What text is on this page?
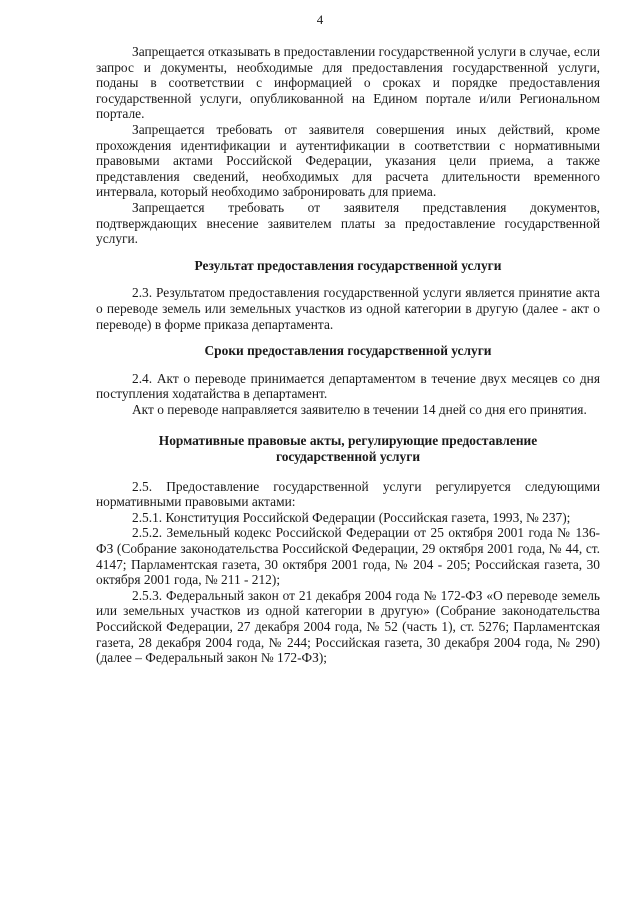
4

Запрещается отказывать в предоставлении государственной услуги в случае, если запрос и документы, необходимые для предоставления государственной услуги, поданы в соответствии с информацией о сроках и порядке предоставления государственной услуги, опубликованной на Едином портале и/или Региональном портале.

Запрещается требовать от заявителя совершения иных действий, кроме прохождения идентификации и аутентификации в соответствии с нормативными правовыми актами Российской Федерации, указания цели приема, а также представления сведений, необходимых для расчета длительности временного интервала, который необходимо забронировать для приема.

Запрещается требовать от заявителя представления документов, подтверждающих внесение заявителем платы за предоставление государственной услуги.

Результат предоставления государственной услуги

2.3. Результатом предоставления государственной услуги является принятие акта о переводе земель или земельных участков из одной категории в другую (далее - акт о переводе) в форме приказа департамента.

Сроки предоставления государственной услуги

2.4. Акт о переводе принимается департаментом в течение двух месяцев со дня поступления ходатайства в департамент.

Акт о переводе направляется заявителю в течении 14 дней со дня его принятия.

Нормативные правовые акты, регулирующие предоставление государственной услуги

2.5. Предоставление государственной услуги регулируется следующими нормативными правовыми актами:

2.5.1. Конституция Российской Федерации (Российская газета, 1993, № 237);

2.5.2. Земельный кодекс Российской Федерации от 25 октября 2001 года № 136-ФЗ (Собрание законодательства Российской Федерации, 29 октября 2001 года, № 44, ст. 4147; Парламентская газета, 30 октября 2001 года, № 204 - 205; Российская газета, 30 октября 2001 года, № 211 - 212);

2.5.3. Федеральный закон от 21 декабря 2004 года № 172-ФЗ «О переводе земель или земельных участков из одной категории в другую» (Собрание законодательства Российской Федерации, 27 декабря 2004 года, № 52 (часть 1), ст. 5276; Парламентская газета, 28 декабря 2004 года, № 244; Российская газета, 30 декабря 2004 года, № 290) (далее – Федеральный закон № 172-ФЗ);
